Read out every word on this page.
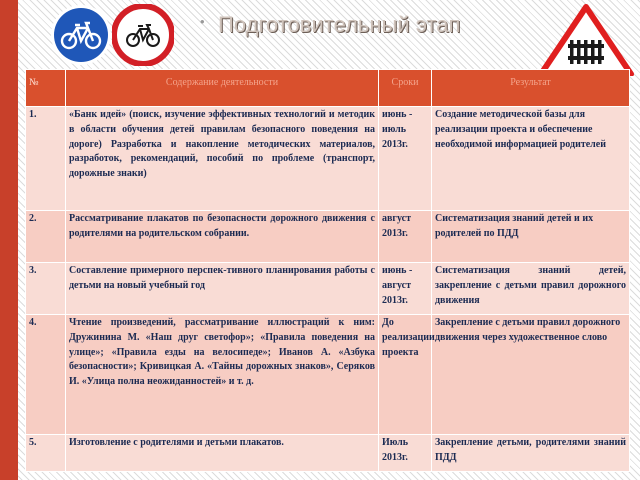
• Подготовительный этап
№	Содержание деятельности	Сроки	Результат
1.	«Банк идей» (поиск, изучение эффективных технологий и методик в области обучения детей правилам безопасного поведения на дороге) Разработка и накопление методических материалов, разработок, рекомендаций, пособий по проблеме (транспорт, дорожные знаки)	июнь - июль 2013г.	Создание методической базы для реализации проекта и обеспечение необходимой информацией родителей
2.	Рассматривание плакатов по безопасности дорожного движения с родителями на родительском собрании.	август 2013г.	Систематизация знаний детей и их родителей по ПДД
3.	Составление примерного перспек-тивного планирования работы с детьми на новый учебный год	июнь - август 2013г.	Систематизация знаний детей, закрепление с детьми правил дорожного движения
4.	Чтение произведений, рассматривание иллюстраций к ним: Дружинина М. «Наш друг светофор»; «Правила поведения на улице»; «Правила езды на велосипеде»; Иванов А. «Азбука безопасности»; Кривицкая А. «Тайны дорожных знаков», Серяков И. «Улица полна неожиданностей» и т. д.	До реализации проекта	Закрепление с детьми правил дорожного движения через художественное слово
5.	Изготовление с родителями и детьми плакатов.	Июль 2013г.	Закрепление детьми, родителями знаний ПДД
